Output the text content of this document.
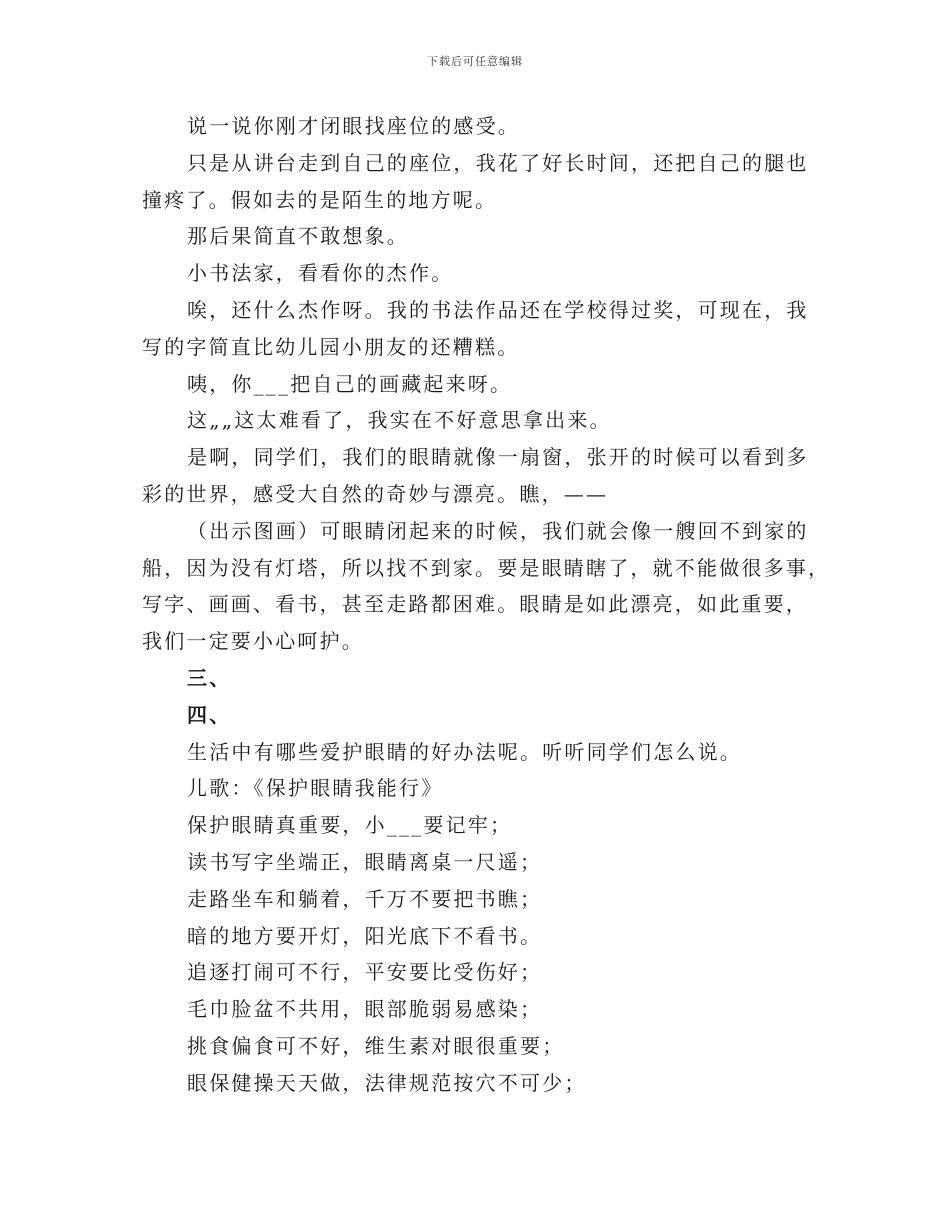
下载后可任意编辑
说一说你刚才闭眼找座位的感受。
只是从讲台走到自己的座位，我花了好长时间，还把自己的腿也
撞疼了。假如去的是陌生的地方呢。
那后果简直不敢想象。
小书法家，看看你的杰作。
唉，还什么杰作呀。我的书法作品还在学校得过奖，可现在，我
写的字简直比幼儿园小朋友的还糟糕。
咦，你___把自己的画藏起来呀。
这„„这太难看了，我实在不好意思拿出来。
是啊，同学们，我们的眼睛就像一扇窗，张开的时候可以看到多
彩的世界，感受大自然的奇妙与漂亮。瞧，——
（出示图画）可眼睛闭起来的时候，我们就会像一艘回不到家的
船，因为没有灯塔，所以找不到家。要是眼睛瞎了，就不能做很多事，
写字、画画、看书，甚至走路都困难。眼睛是如此漂亮，如此重要，
我们一定要小心呵护。
三、
四、
生活中有哪些爱护眼睛的好办法呢。听听同学们怎么说。
儿歌：《保护眼睛我能行》
保护眼睛真重要，小___要记牢；
读书写字坐端正，眼睛离桌一尺遥；
走路坐车和躺着，千万不要把书瞧；
暗的地方要开灯，阳光底下不看书。
追逐打闹可不行，平安要比受伤好；
毛巾脸盆不共用，眼部脆弱易感染；
挑食偏食可不好，维生素对眼很重要；
眼保健操天天做，法律规范按穴不可少；
